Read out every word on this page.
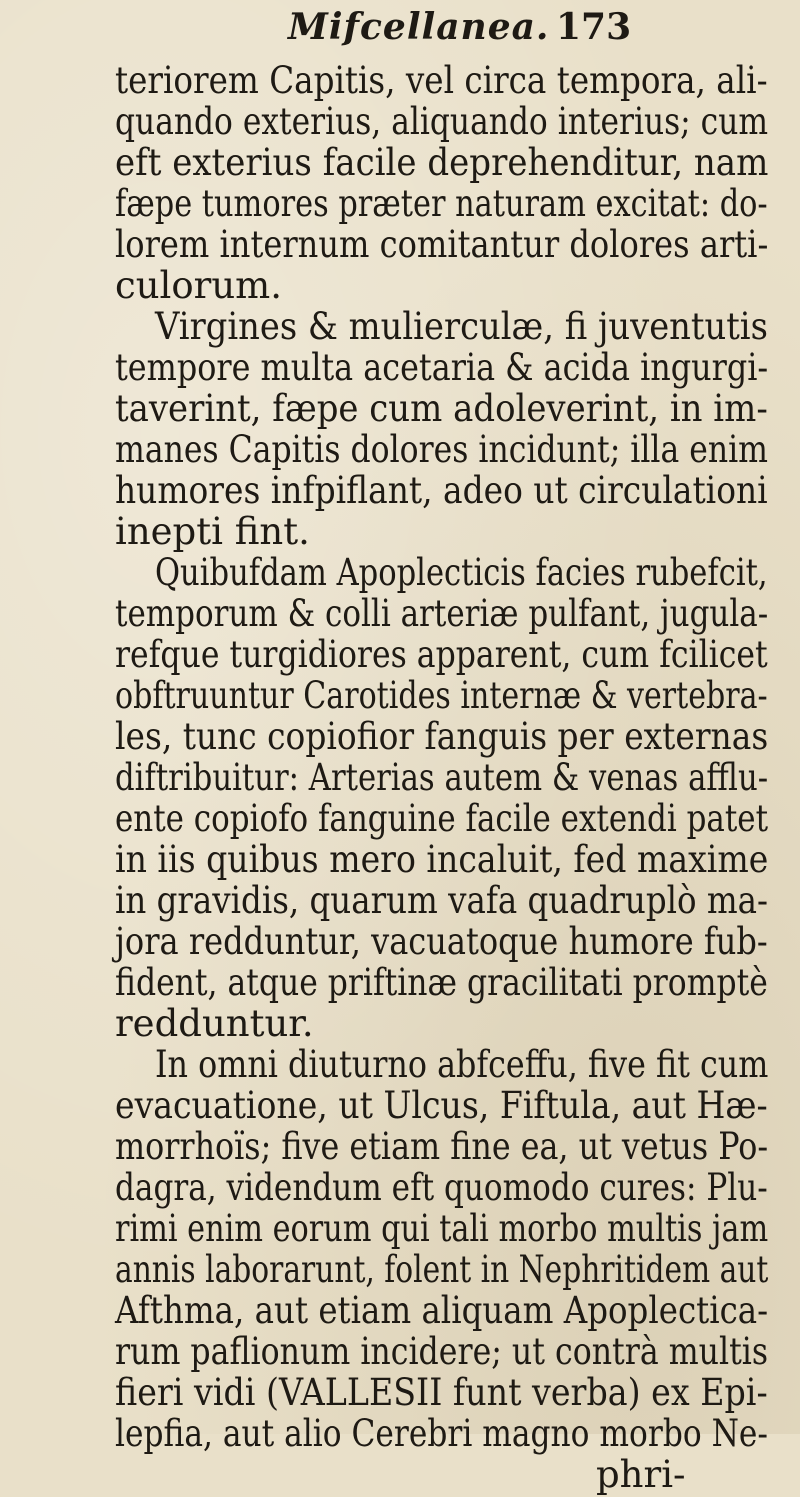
Mifcellanea. 173
teriorem Capitis, vel circa tempora, ali-
quando exterius, aliquando interius; cum
eft exterius facile deprehenditur, nam
fæpe tumores præter naturam excitat: do-
lorem internum comitantur dolores arti-
culorum.
Virgines & mulierculæ, fi juventutis
tempore multa acetaria & acida ingurgi-
taverint, fæpe cum adoleverint, in im-
manes Capitis dolores incidunt; illa enim
humores infpiflant, adeo ut circulationi
inepti fint.
Quibufdam Apoplecticis facies rubefcit,
temporum & colli arteriæ pulfant, jugula-
refque turgidiores apparent, cum fcilicet
obftruuntur Carotides internæ & vertebra-
les, tunc copiofior fanguis per externas
diftribuitur: Arterias autem & venas afflu-
ente copiofo fanguine facile extendi patet
in iis quibus mero incaluit, fed maxime
in gravidis, quarum vafa quadruplò ma-
jora redduntur, vacuatoque humore fub-
fident, atque priftinæ gracilitati promptè
redduntur.
In omni diuturno abfceffu, five fit cum
evacuatione, ut Ulcus, Fiftula, aut Hæ-
morrhoïs; five etiam fine ea, ut vetus Po-
dagra, videndum eft quomodo cures: Plu-
rimi enim eorum qui tali morbo multis jam
annis laborarunt, folent in Nephritidem aut
Afthma, aut etiam aliquam Apoplectica-
rum paflionum incidere; ut contrà multis
fieri vidi (VALLESII funt verba) ex Epi-
lepfia, aut alio Cerebri magno morbo Ne-
phri-
